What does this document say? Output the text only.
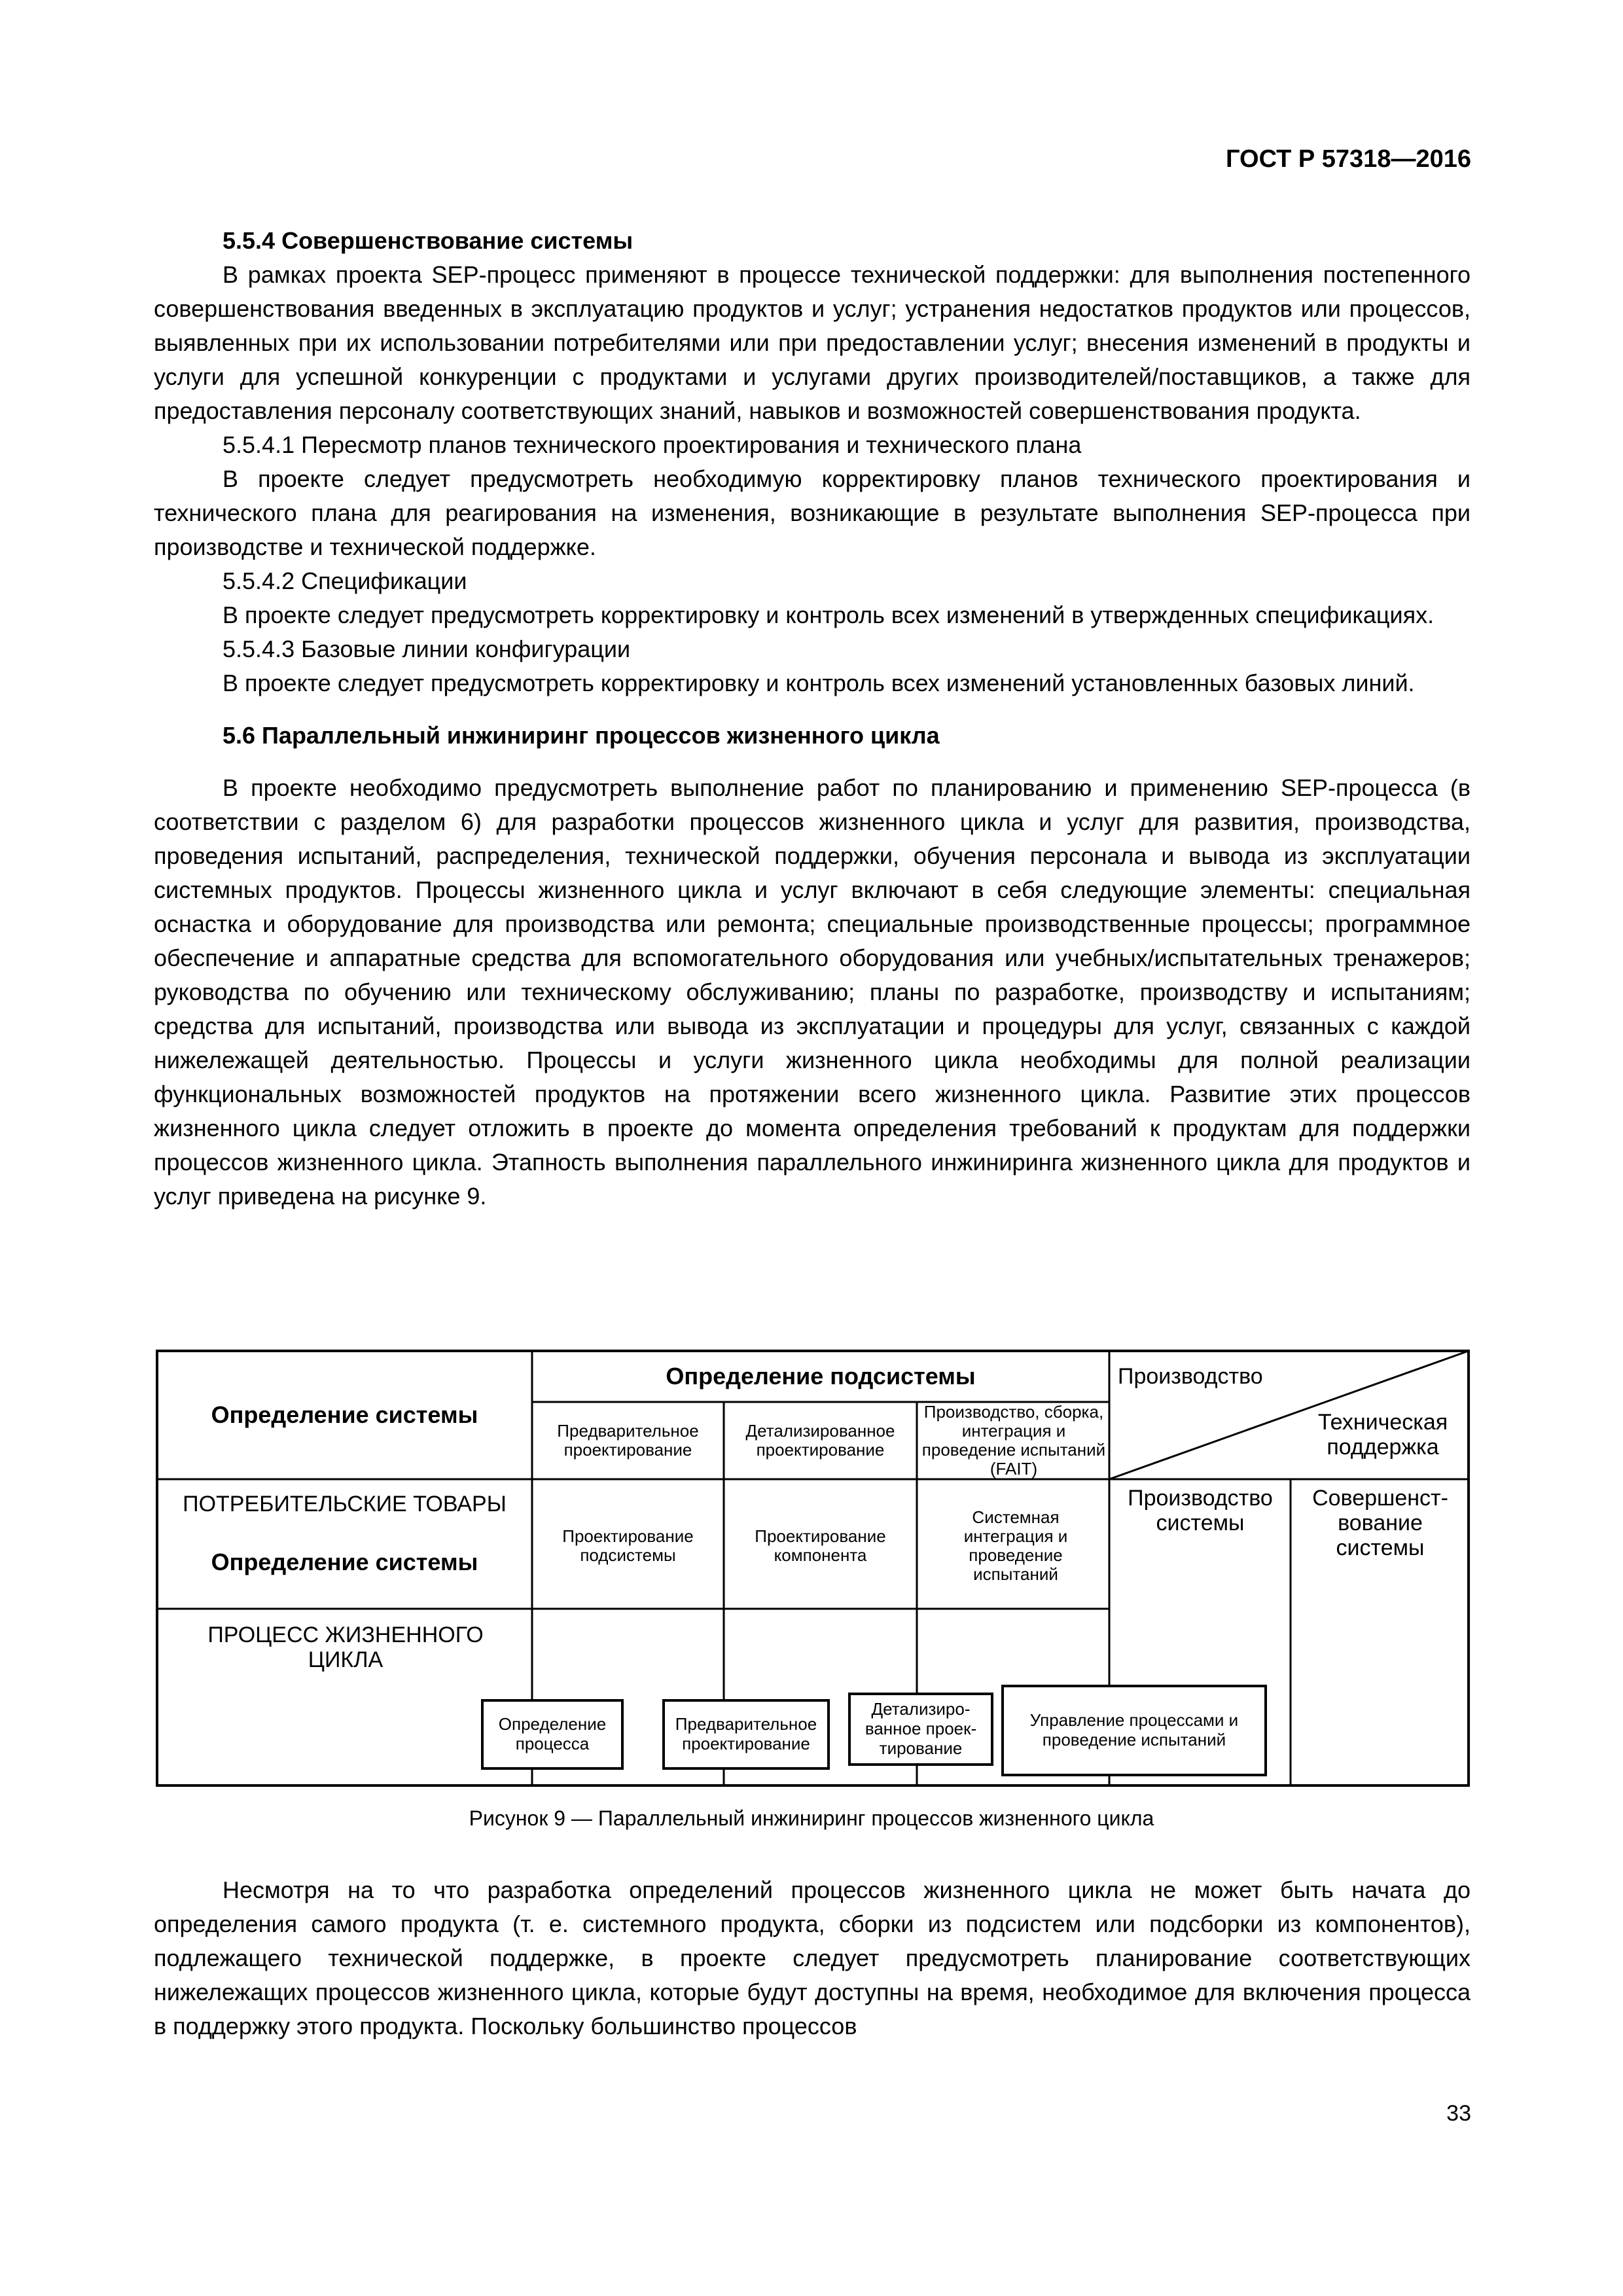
ГОСТ Р 57318—2016

5.5.4 Совершенствование системы

В рамках проекта SEP-процесс применяют в процессе технической поддержки: для выполнения постепенного совершенствования введенных в эксплуатацию продуктов и услуг; устранения недостатков продуктов или процессов, выявленных при их использовании потребителями или при предоставлении услуг; внесения изменений в продукты и услуги для успешной конкуренции с продуктами и услугами других производителей/поставщиков, а также для предоставления персоналу соответствующих знаний, навыков и возможностей совершенствования продукта.

5.5.4.1 Пересмотр планов технического проектирования и технического плана

В проекте следует предусмотреть необходимую корректировку планов технического проектирования и технического плана для реагирования на изменения, возникающие в результате выполнения SEP-процесса при производстве и технической поддержке.

5.5.4.2 Спецификации

В проекте следует предусмотреть корректировку и контроль всех изменений в утвержденных спецификациях.

5.5.4.3 Базовые линии конфигурации

В проекте следует предусмотреть корректировку и контроль всех изменений установленных базовых линий.

5.6 Параллельный инжиниринг процессов жизненного цикла

В проекте необходимо предусмотреть выполнение работ по планированию и применению SEP-процесса (в соответствии с разделом 6) для разработки процессов жизненного цикла и услуг для развития, производства, проведения испытаний, распределения, технической поддержки, обучения персонала и вывода из эксплуатации системных продуктов. Процессы жизненного цикла и услуг включают в себя следующие элементы: специальная оснастка и оборудование для производства или ремонта; специальные производственные процессы; программное обеспечение и аппаратные средства для вспомогательного оборудования или учебных/испытательных тренажеров; руководства по обучению или техническому обслуживанию; планы по разработке, производству и испытаниям; средства для испытаний, производства или вывода из эксплуатации и процедуры для услуг, связанных с каждой нижележащей деятельностью. Процессы и услуги жизненного цикла необходимы для полной реализации функциональных возможностей продуктов на протяжении всего жизненного цикла. Развитие этих процессов жизненного цикла следует отложить в проекте до момента определения требований к продуктам для поддержки процессов жизненного цикла. Этапность выполнения параллельного инжиниринга жизненного цикла для продуктов и услуг приведена на рисунке 9.

Определение системы
Определение подсистемы
Предварительное проектирование
Детализированное проектирование
Производство, сборка, интеграция и проведение испытаний (FAIT)
Производство
Техническая поддержка
ПОТРЕБИТЕЛЬСКИЕ ТОВАРЫ
Определение системы
Проектирование подсистемы
Проектирование компонента
Системная интеграция и проведение испытаний
Производство системы
Совершенст-вование системы
ПРОЦЕСС ЖИЗНЕННОГО ЦИКЛА
Определение процесса
Предварительное проектирование
Детализиро-ванное проек-тирование
Управление процессами и проведение испытаний
Рисунок 9 — Параллельный инжиниринг процессов жизненного цикла

Несмотря на то что разработка определений процессов жизненного цикла не может быть начата до определения самого продукта (т. е. системного продукта, сборки из подсистем или подсборки из компонентов), подлежащего технической поддержке, в проекте следует предусмотреть планирование соответствующих нижележащих процессов жизненного цикла, которые будут доступны на время, необходимое для включения процесса в поддержку этого продукта. Поскольку большинство процессов

33
